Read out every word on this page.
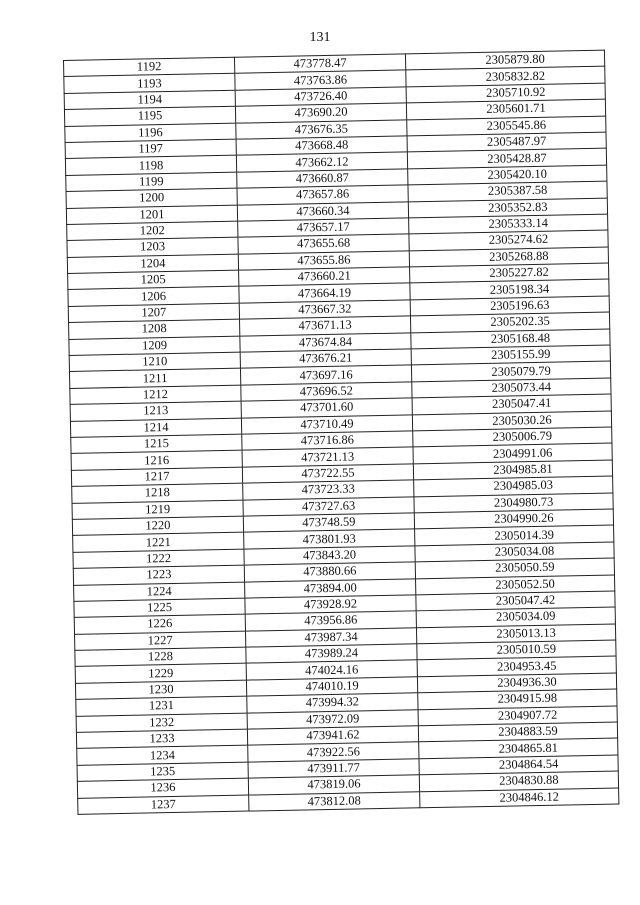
131
1192	473778.47	2305879.80
1193	473763.86	2305832.82
1194	473726.40	2305710.92
1195	473690.20	2305601.71
1196	473676.35	2305545.86
1197	473668.48	2305487.97
1198	473662.12	2305428.87
1199	473660.87	2305420.10
1200	473657.86	2305387.58
1201	473660.34	2305352.83
1202	473657.17	2305333.14
1203	473655.68	2305274.62
1204	473655.86	2305268.88
1205	473660.21	2305227.82
1206	473664.19	2305198.34
1207	473667.32	2305196.63
1208	473671.13	2305202.35
1209	473674.84	2305168.48
1210	473676.21	2305155.99
1211	473697.16	2305079.79
1212	473696.52	2305073.44
1213	473701.60	2305047.41
1214	473710.49	2305030.26
1215	473716.86	2305006.79
1216	473721.13	2304991.06
1217	473722.55	2304985.81
1218	473723.33	2304985.03
1219	473727.63	2304980.73
1220	473748.59	2304990.26
1221	473801.93	2305014.39
1222	473843.20	2305034.08
1223	473880.66	2305050.59
1224	473894.00	2305052.50
1225	473928.92	2305047.42
1226	473956.86	2305034.09
1227	473987.34	2305013.13
1228	473989.24	2305010.59
1229	474024.16	2304953.45
1230	474010.19	2304936.30
1231	473994.32	2304915.98
1232	473972.09	2304907.72
1233	473941.62	2304883.59
1234	473922.56	2304865.81
1235	473911.77	2304864.54
1236	473819.06	2304830.88
1237	473812.08	2304846.12
